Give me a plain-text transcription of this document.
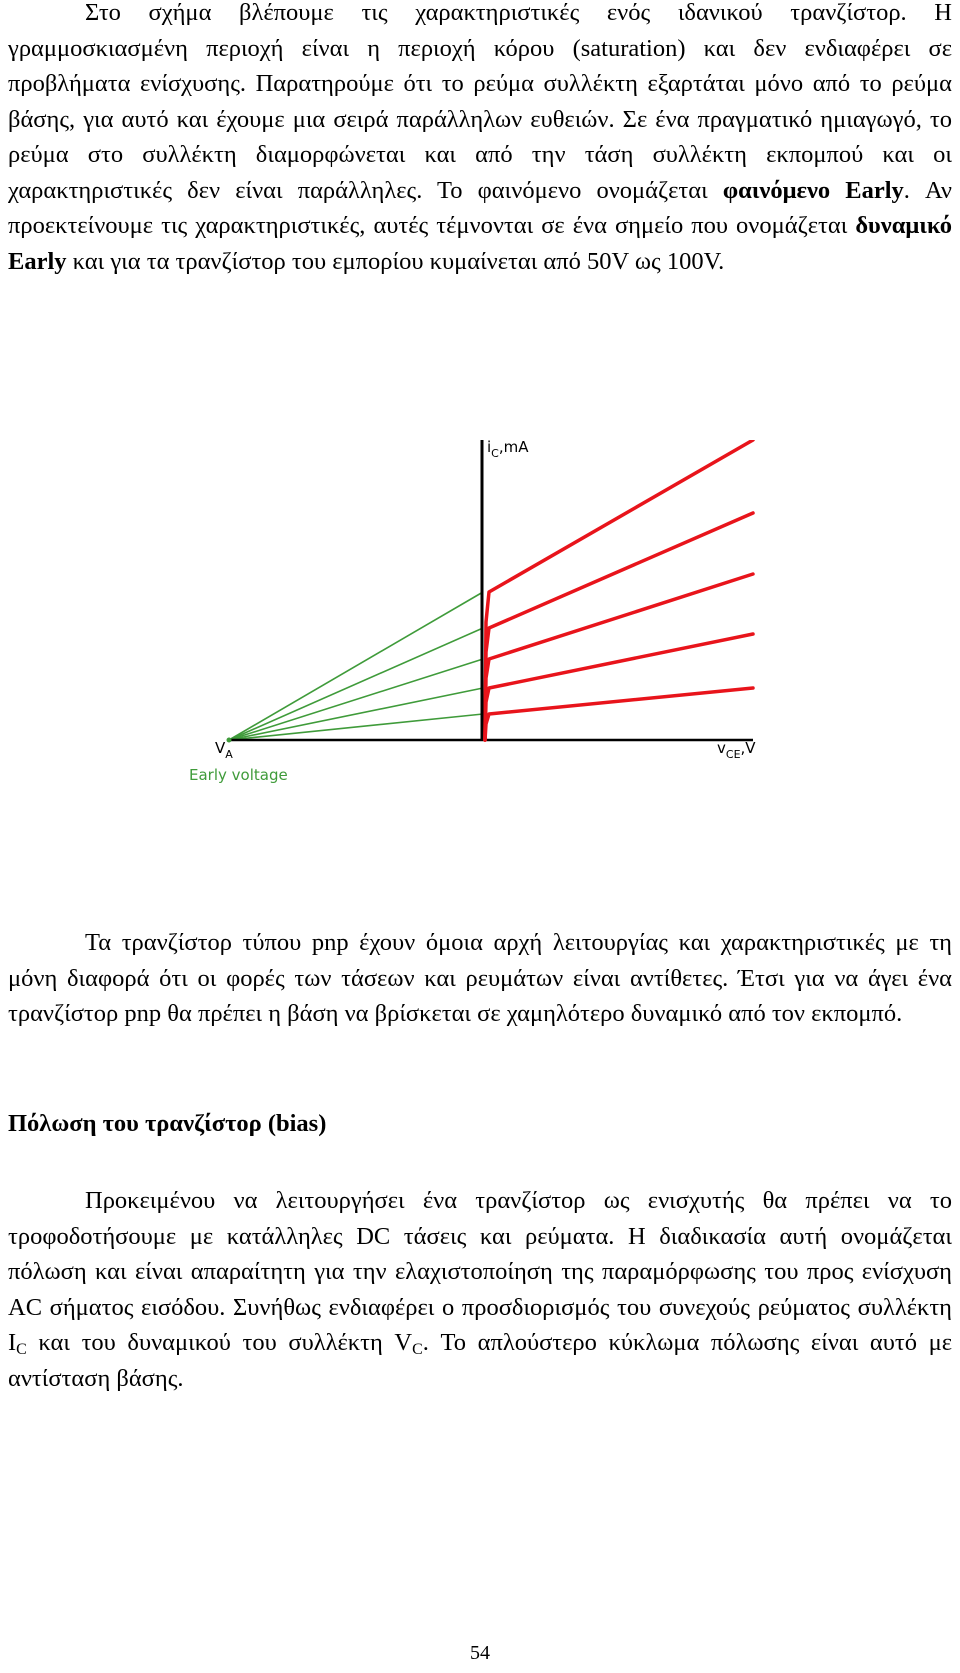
Στο σχήμα βλέπουμε τις χαρακτηριστικές ενός ιδανικού τρανζίστορ. Η γραμμοσκιασμένη περιοχή είναι η περιοχή κόρου (saturation) και δεν ενδιαφέρει σε προβλήματα ενίσχυσης. Παρατηρούμε ότι το ρεύμα συλλέκτη εξαρτάται μόνο από το ρεύμα βάσης, για αυτό και έχουμε μια σειρά παράλληλων ευθειών. Σε ένα πραγματικό ημιαγωγό, το ρεύμα στο συλλέκτη διαμορφώνεται και από την τάση συλλέκτη εκπομπού και οι χαρακτηριστικές δεν είναι παράλληλες. Το φαινόμενο ονομάζεται φαινόμενο Early. Αν προεκτείνουμε τις χαρακτηριστικές, αυτές τέμνονται σε ένα σημείο που ονομάζεται δυναμικό Early και για τα τρανζίστορ του εμπορίου κυμαίνεται από 50V ως 100V.

$i_C,mA$
$v_{CE},V$
$V_A$
Early voltage

Τα τρανζίστορ τύπου pnp έχουν όμοια αρχή λειτουργίας και χαρακτηριστικές με τη μόνη διαφορά ότι οι φορές των τάσεων και ρευμάτων είναι αντίθετες. Έτσι για να άγει ένα τρανζίστορ pnp θα πρέπει η βάση να βρίσκεται σε χαμηλότερο δυναμικό από τον εκπομπό.

Πόλωση του τρανζίστορ (bias)

Προκειμένου να λειτουργήσει ένα τρανζίστορ ως ενισχυτής θα πρέπει να το τροφοδοτήσουμε με κατάλληλες DC τάσεις και ρεύματα. Η διαδικασία αυτή ονομάζεται πόλωση και είναι απαραίτητη για την ελαχιστοποίηση της παραμόρφωσης του προς ενίσχυση AC σήματος εισόδου. Συνήθως ενδιαφέρει ο προσδιορισμός του συνεχούς ρεύματος συλλέκτη $I_C$ και του δυναμικού του συλλέκτη $V_C$. Το απλούστερο κύκλωμα πόλωσης είναι αυτό με αντίσταση βάσης.

54
